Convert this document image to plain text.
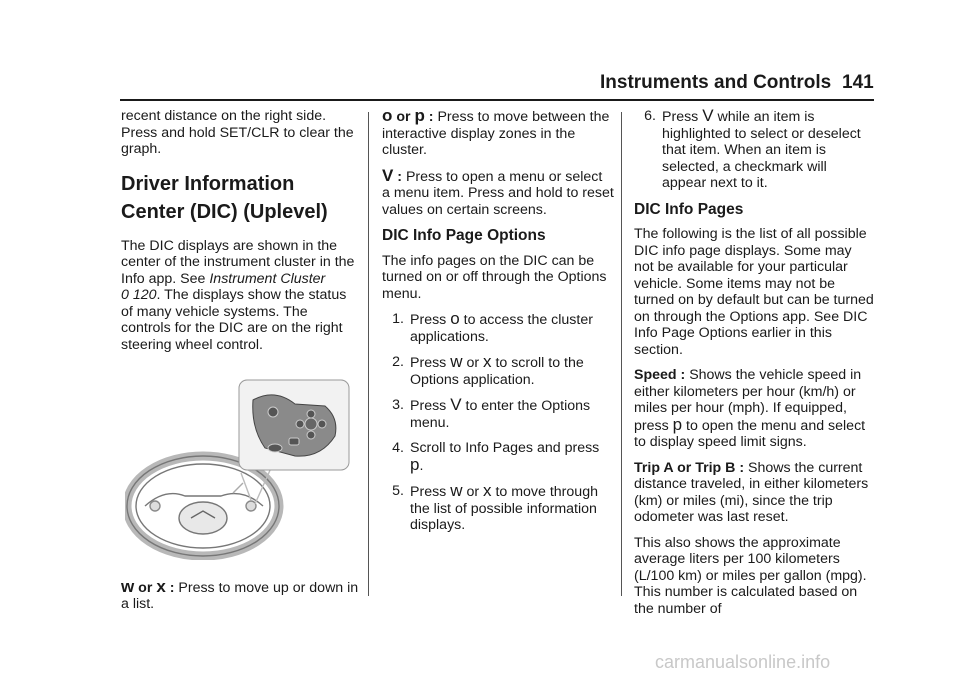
Instruments and Controls 141

recent distance on the right side. Press and hold SET/CLR to clear the graph.

Driver Information Center (DIC) (Uplevel)

The DIC displays are shown in the center of the instrument cluster in the Info app. See Instrument Cluster
0 120. The displays show the status of many vehicle systems. The controls for the DIC are on the right steering wheel control.

w or x : Press to move up or down in a list.

o or p : Press to move between the interactive display zones in the cluster.

V : Press to open a menu or select a menu item. Press and hold to reset values on certain screens.

DIC Info Page Options

The info pages on the DIC can be turned on or off through the Options menu.

1. Press o to access the cluster applications.
2. Press w or x to scroll to the Options application.
3. Press V to enter the Options menu.
4. Scroll to Info Pages and press p.
5. Press w or x to move through the list of possible information displays.
6. Press V while an item is highlighted to select or deselect that item. When an item is selected, a checkmark will appear next to it.
DIC Info Pages

The following is the list of all possible DIC info page displays. Some may not be available for your particular vehicle. Some items may not be turned on by default but can be turned on through the Options app. See DIC Info Page Options earlier in this section.

Speed : Shows the vehicle speed in either kilometers per hour (km/h) or miles per hour (mph). If equipped, press p to open the menu and select to display speed limit signs.

Trip A or Trip B : Shows the current distance traveled, in either kilometers (km) or miles (mi), since the trip odometer was last reset.

This also shows the approximate average liters per 100 kilometers (L/100 km) or miles per gallon (mpg). This number is calculated based on the number of

carmanualsonline.info
